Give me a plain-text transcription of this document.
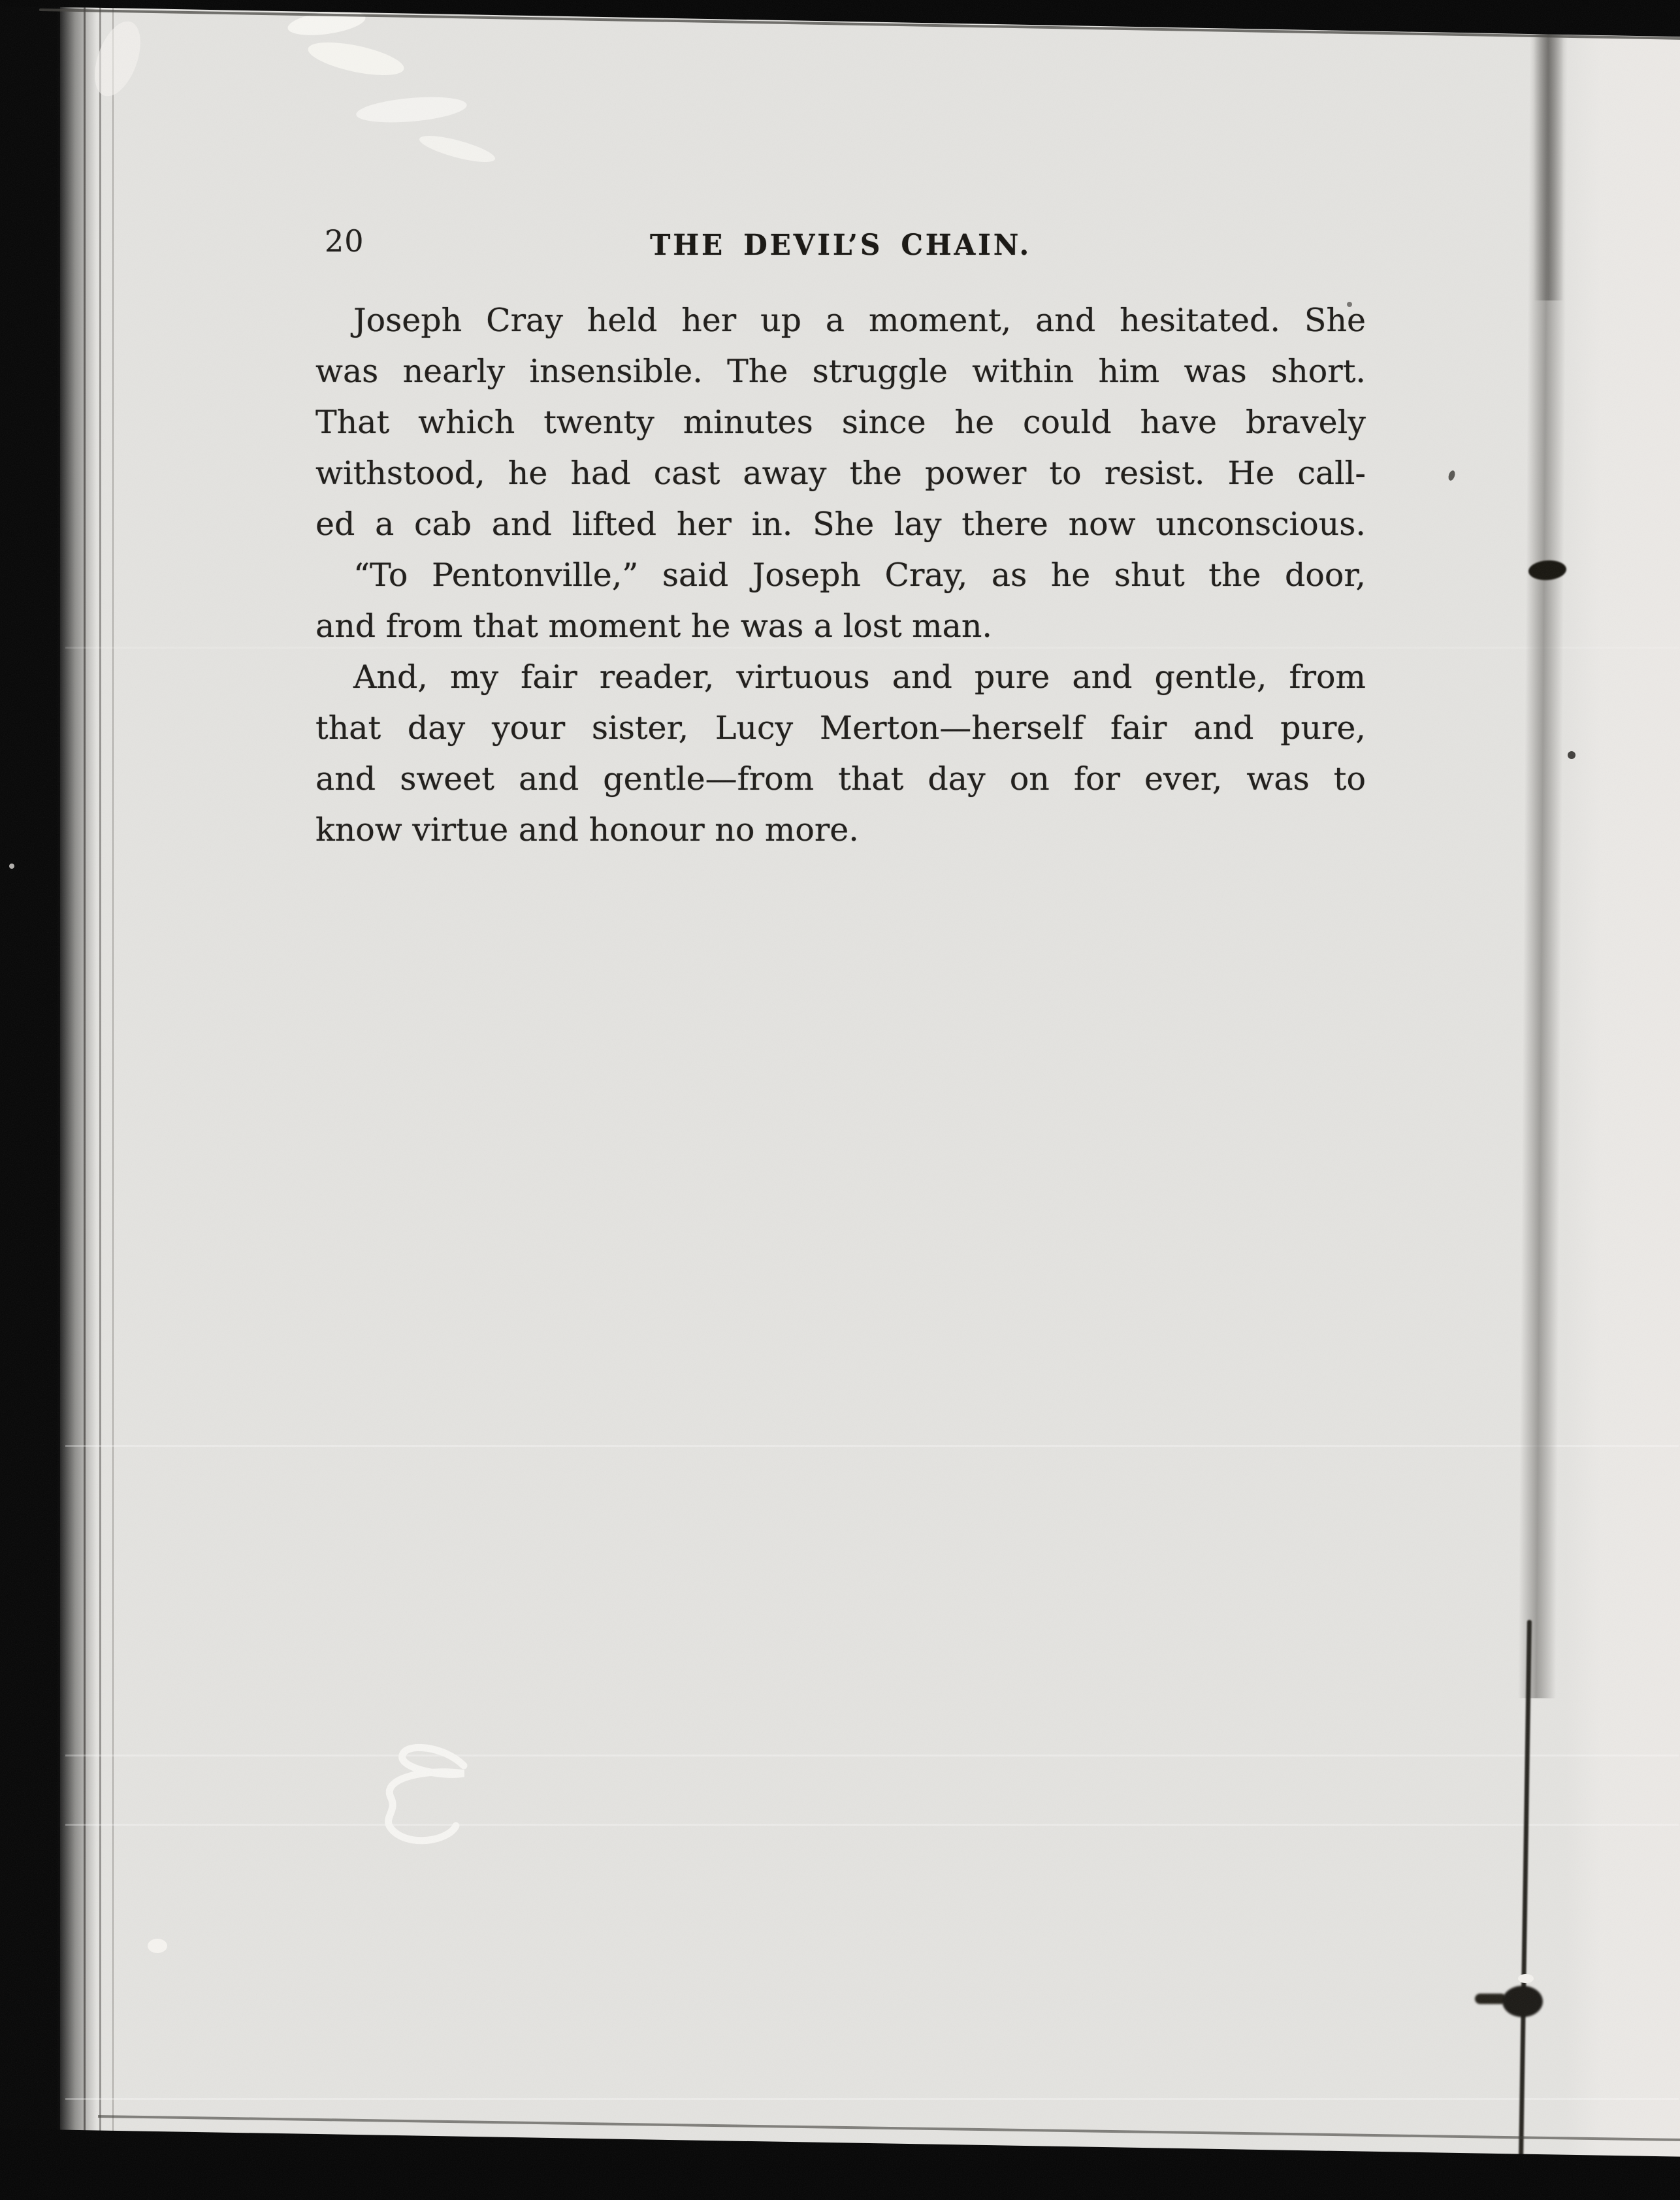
20	THE DEVIL’S CHAIN.
Joseph Cray held her up a moment, and hesitated. She
was nearly insensible. The struggle within him was short.
That which twenty minutes since he could have bravely
withstood, he had cast away the power to resist. He call-
ed a cab and lifted her in. She lay there now unconscious.
“To Pentonville,” said Joseph Cray, as he shut the door,
and from that moment he was a lost man.
And, my fair reader, virtuous and pure and gentle, from
that day your sister, Lucy Merton—herself fair and pure,
and sweet and gentle—from that day on for ever, was to
know virtue and honour no more.
